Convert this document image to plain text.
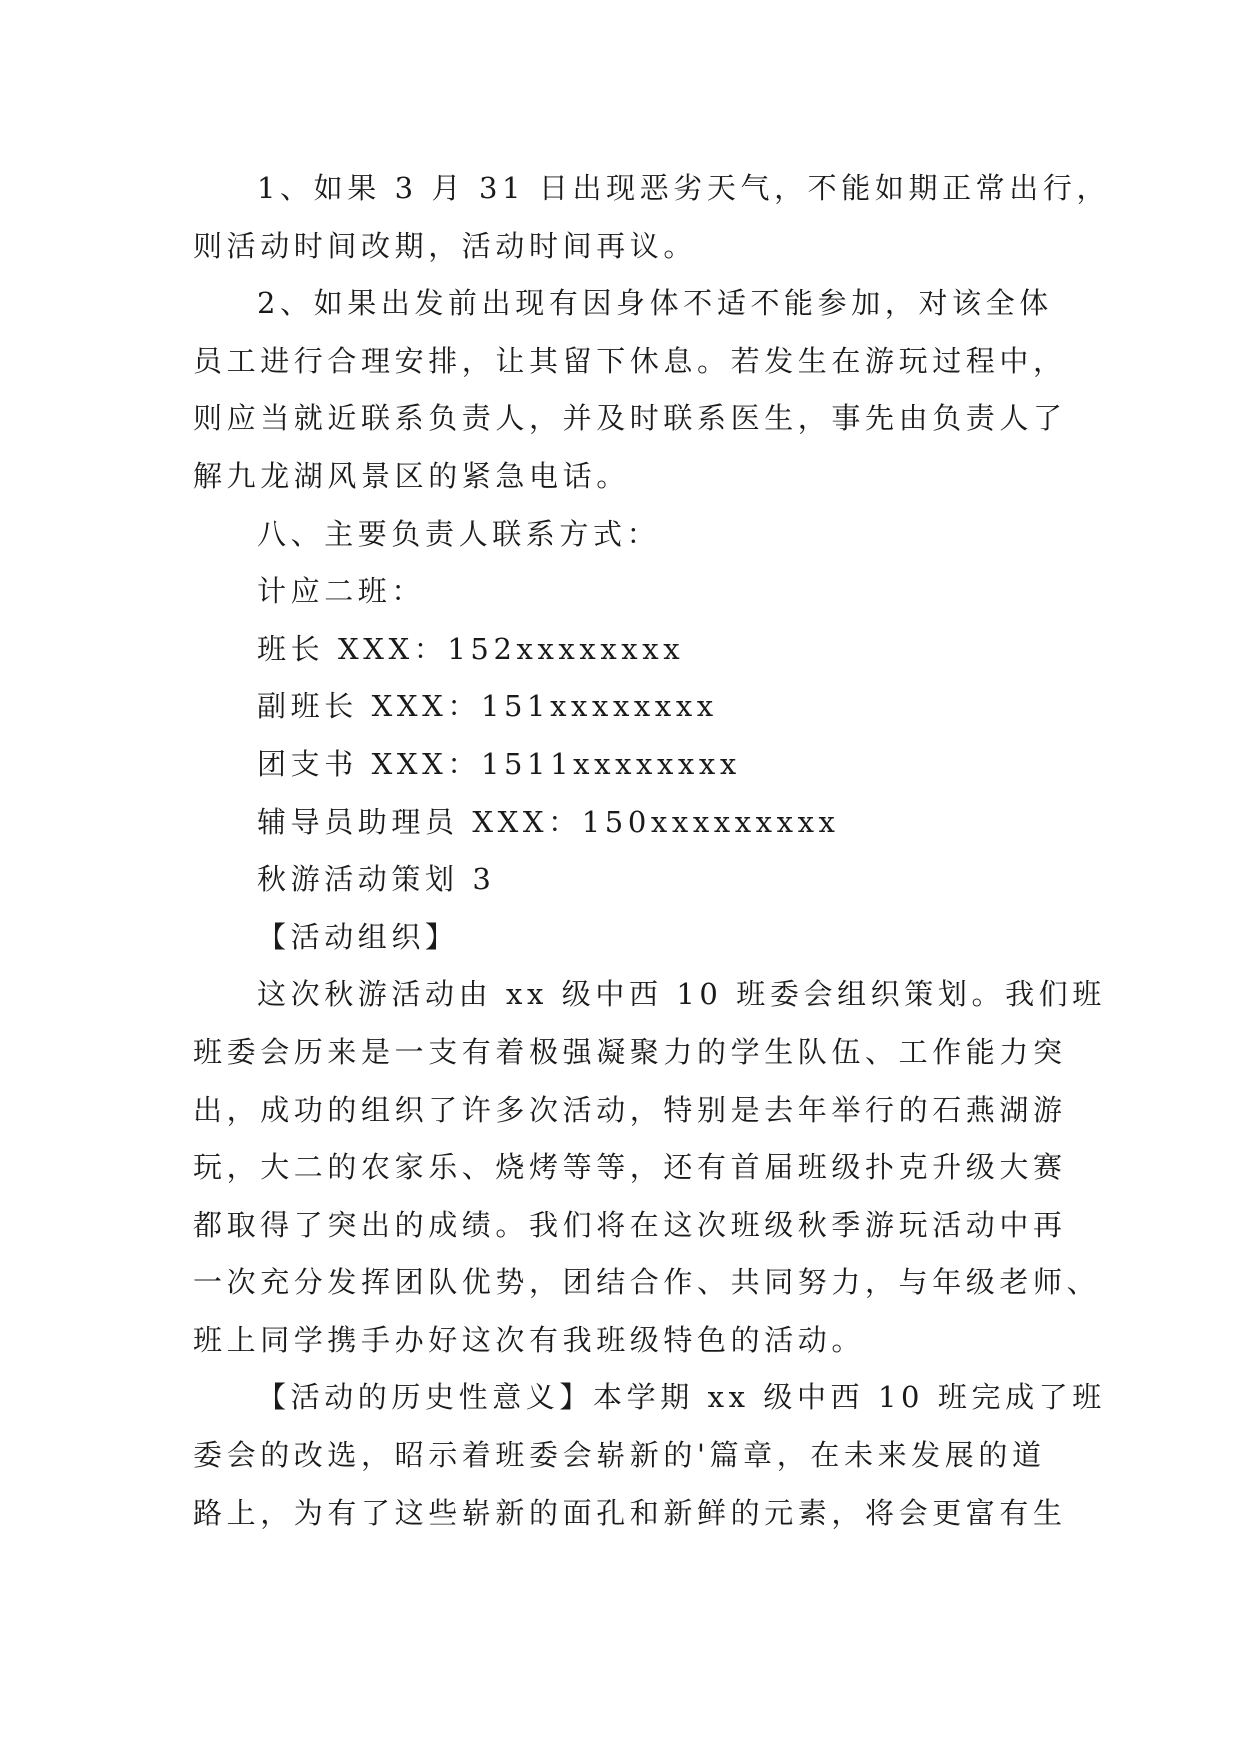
1、如果 3 月 31 日出现恶劣天气，不能如期正常出行，
则活动时间改期，活动时间再议。
2、如果出发前出现有因身体不适不能参加，对该全体
员工进行合理安排，让其留下休息。若发生在游玩过程中，
则应当就近联系负责人，并及时联系医生，事先由负责人了
解九龙湖风景区的紧急电话。
八、主要负责人联系方式：
计应二班：
班长 XXX：152xxxxxxxx
副班长 XXX：151xxxxxxxx
团支书 XXX：1511xxxxxxxx
辅导员助理员 XXX：150xxxxxxxxx
秋游活动策划 3
【活动组织】
这次秋游活动由 xx 级中西 10 班委会组织策划。我们班
班委会历来是一支有着极强凝聚力的学生队伍、工作能力突
出，成功的组织了许多次活动，特别是去年举行的石燕湖游
玩，大二的农家乐、烧烤等等，还有首届班级扑克升级大赛
都取得了突出的成绩。我们将在这次班级秋季游玩活动中再
一次充分发挥团队优势，团结合作、共同努力，与年级老师、
班上同学携手办好这次有我班级特色的活动。
【活动的历史性意义】本学期 xx 级中西 10 班完成了班
委会的改选，昭示着班委会崭新的'篇章，在未来发展的道
路上，为有了这些崭新的面孔和新鲜的元素，将会更富有生
